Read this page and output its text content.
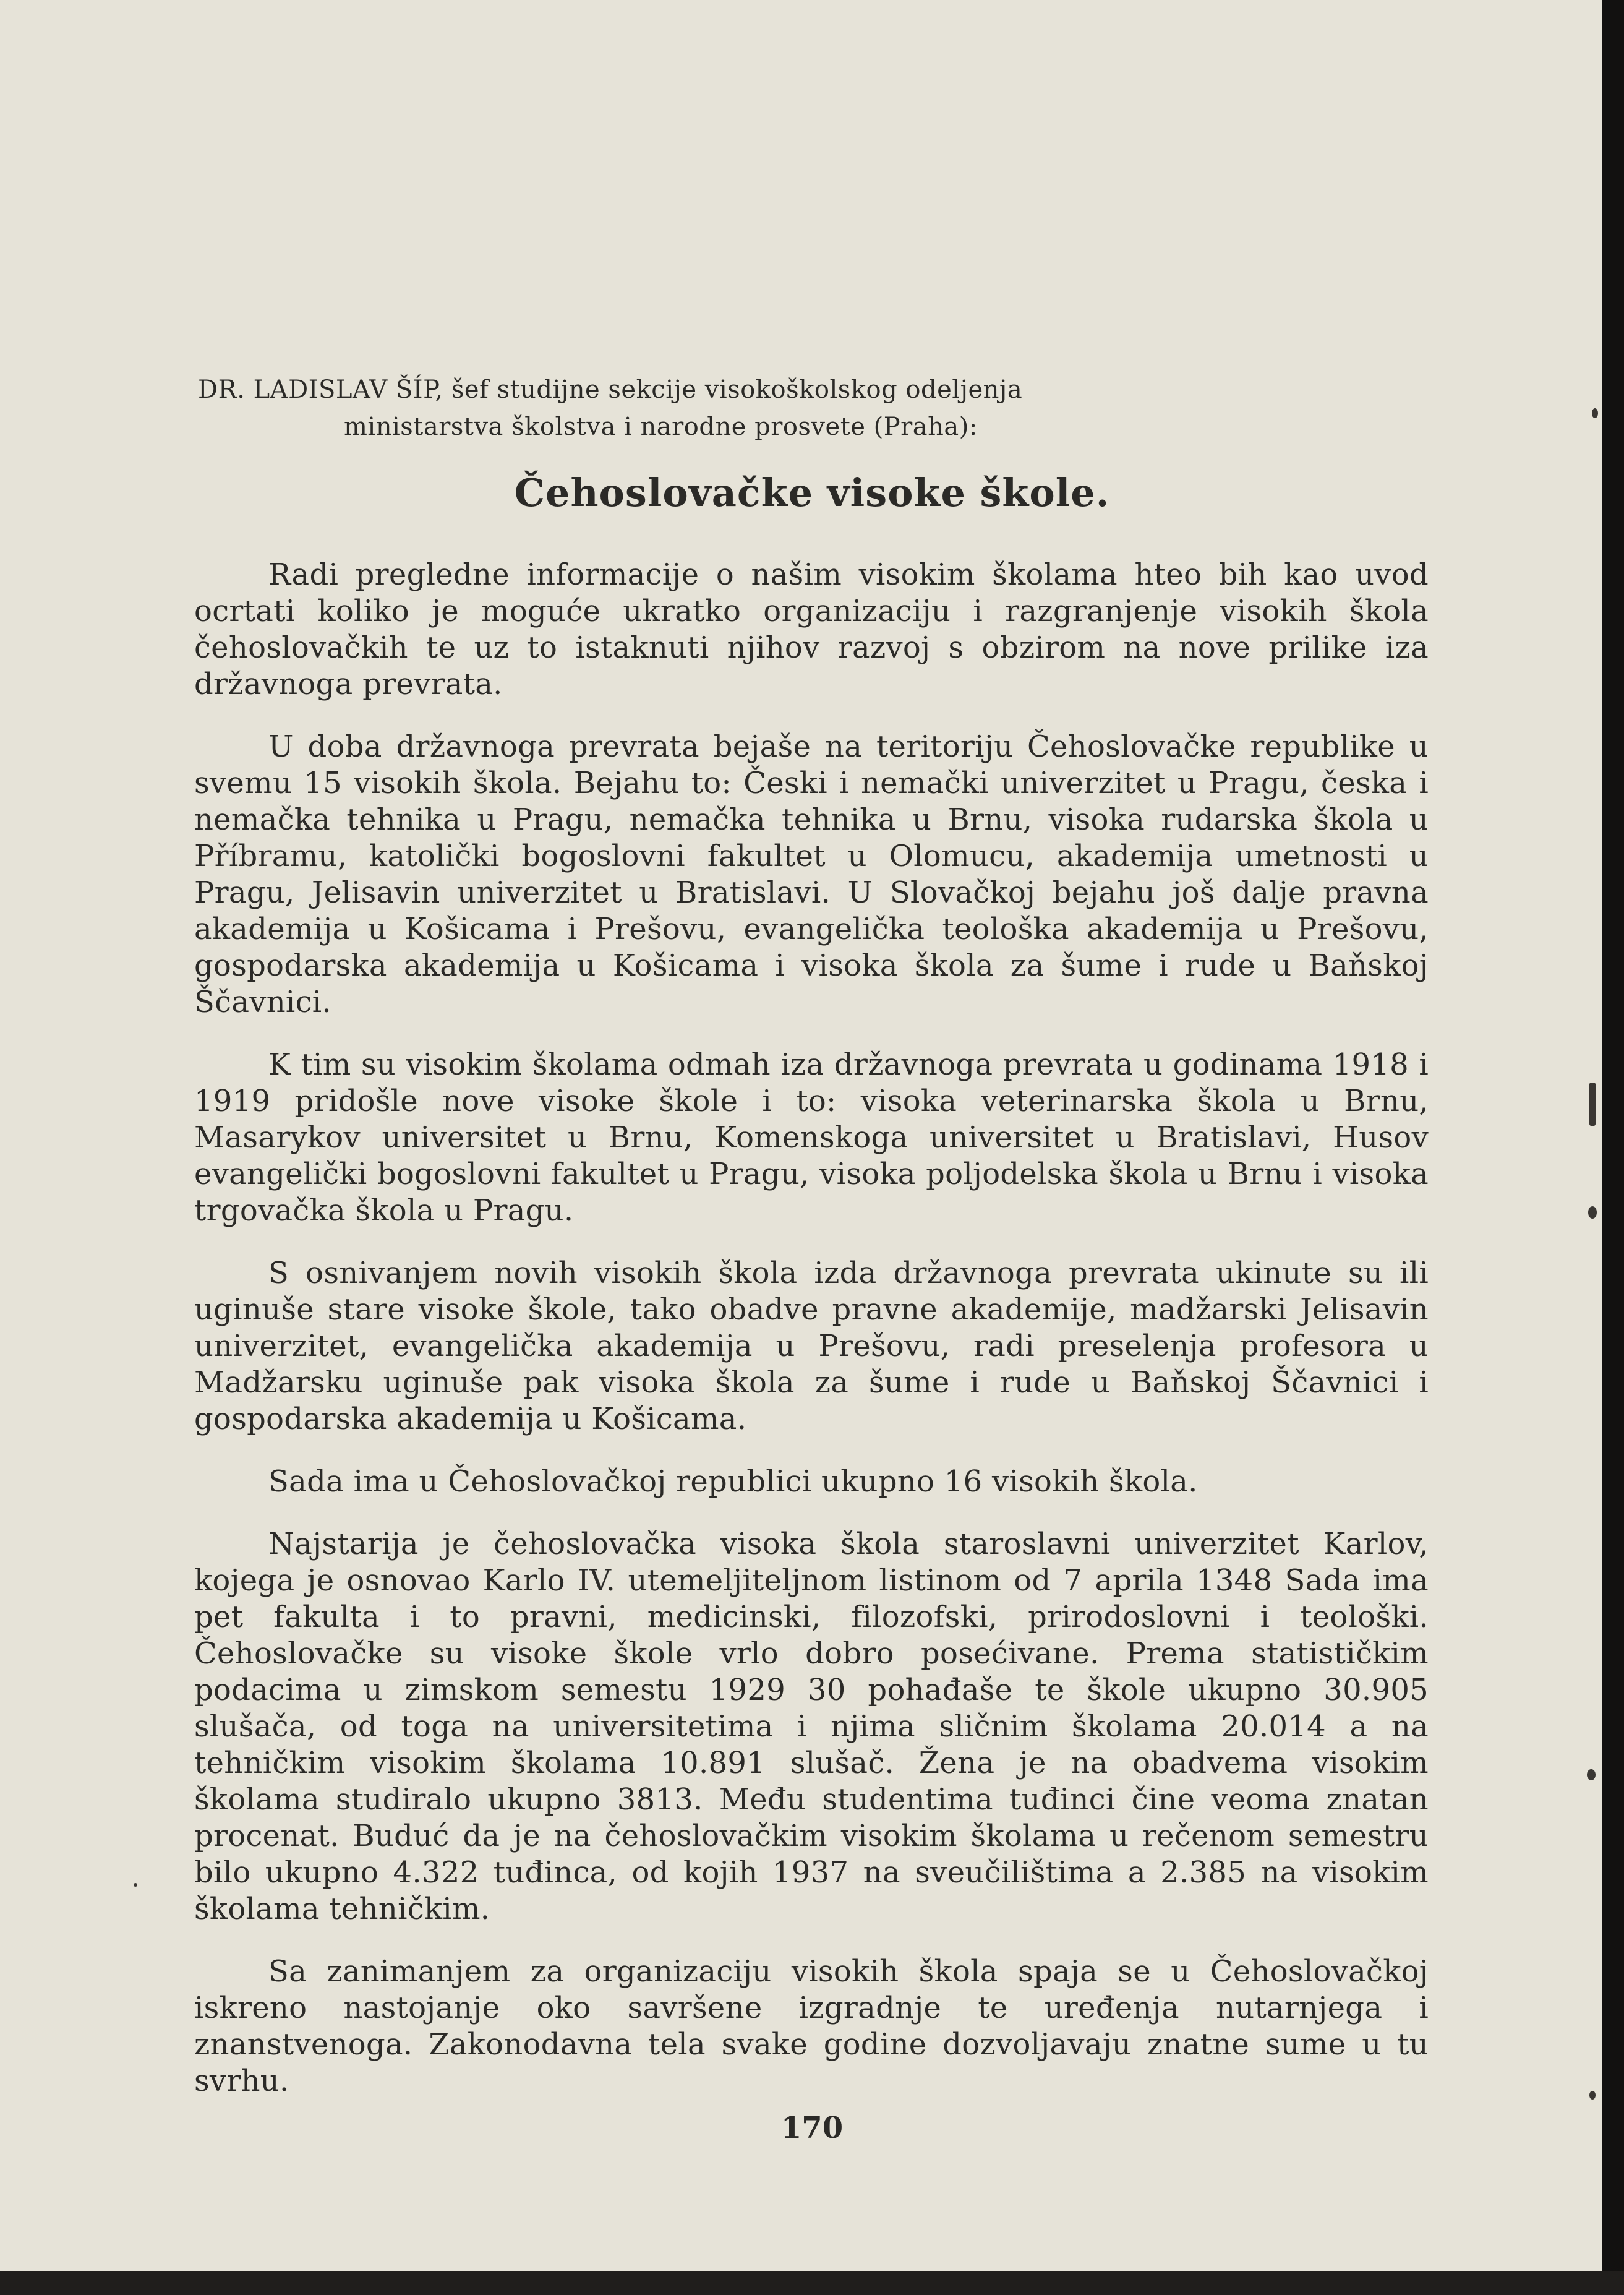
DR. LADISLAV ŠÍP, šef studijne sekcije visokoškolskog odeljenja
ministarstva školstva i narodne prosvete (Praha):
Čehoslovačke visoke škole.

Radi pregledne informacije o našim visokim školama hteo bih kao uvod ocrtati koliko je moguće ukratko organizaciju i razgranjenje visokih škola čehoslovačkih te uz to istaknuti njihov razvoj s obzirom na nove prilike iza državnoga prevrata.

U doba državnoga prevrata bejaše na teritoriju Čehoslovačke republike u svemu 15 visokih škola. Bejahu to: Česki i nemački univerzitet u Pragu, česka i nemačka tehnika u Pragu, nemačka tehnika u Brnu, visoka rudarska škola u Příbramu, katolički bogoslovni fakultet u Olomucu, akademija umetnosti u Pragu, Jelisavin univerzitet u Bratislavi. U Slovačkoj bejahu još dalje pravna akademija u Košicama i Prešovu, evangelička teološka akademija u Prešovu, gospodarska akademija u Košicama i visoka škola za šume i rude u Baňskoj Ščavnici.

K tim su visokim školama odmah iza državnoga prevrata u godinama 1918 i 1919 pridošle nove visoke škole i to: visoka veterinarska škola u Brnu, Masarykov universitet u Brnu, Komenskoga universitet u Bratislavi, Husov evangelički bogoslovni fakultet u Pragu, visoka poljodelska škola u Brnu i visoka trgovačka škola u Pragu.

S osnivanjem novih visokih škola izda državnoga prevrata ukinute su ili uginuše stare visoke škole, tako obadve pravne akademije, madžarski Jelisavin univerzitet, evangelička akademija u Prešovu, radi preselenja profesora u Madžarsku uginuše pak visoka škola za šume i rude u Baňskoj Ščavnici i gospodarska akademija u Košicama.

Sada ima u Čehoslovačkoj republici ukupno 16 visokih škola.

Najstarija je čehoslovačka visoka škola staroslavni univerzitet Karlov, kojega je osnovao Karlo IV. utemeljiteljnom listinom od 7 aprila 1348 Sada ima pet fakulta i to pravni, medicinski, filozofski, prirodoslovni i teološki. Čehoslovačke su visoke škole vrlo dobro posećivane. Prema statističkim podacima u zimskom semestu 1929 30 pohađaše te škole ukupno 30.905 slušača, od toga na universitetima i njima sličnim školama 20.014 a na tehničkim visokim školama 10.891 slušač. Žena je na obadvema visokim školama studiralo ukupno 3813. Među studentima tuđinci čine veoma znatan procenat. Buduć da je na čehoslovačkim visokim školama u rečenom semestru bilo ukupno 4.322 tuđinca, od kojih 1937 na sveučilištima a 2.385 na visokim školama tehničkim.

Sa zanimanjem za organizaciju visokih škola spaja se u Čehoslovačkoj iskreno nastojanje oko savršene izgradnje te uređenja nutarnjega i znanstvenoga. Zakonodavna tela svake godine dozvoljavaju znatne sume u tu svrhu.

170
